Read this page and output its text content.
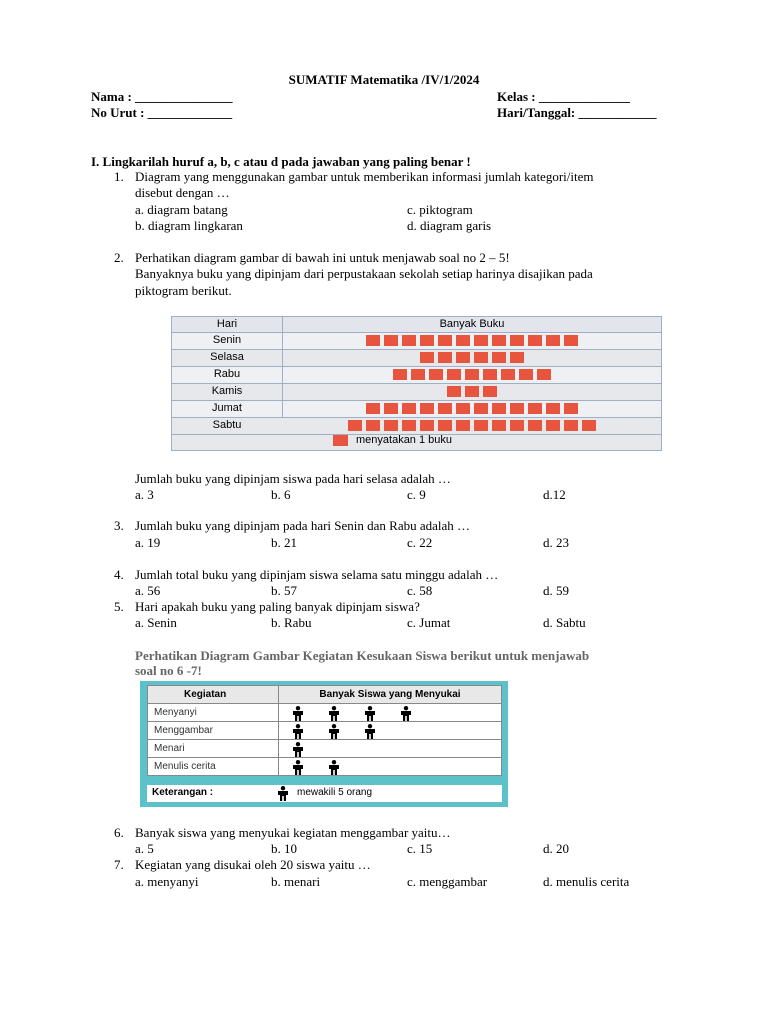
SUMATIF Matematika /IV/1/2024
Nama : _______________	Kelas : ______________
No Urut : _____________	Hari/Tanggal: ____________
I. Lingkarilah huruf a, b, c atau d pada jawaban yang paling benar !
1. Diagram yang menggunakan gambar untuk memberikan informasi jumlah kategori/item
disebut dengan …
a. diagram batang	c. piktogram
b. diagram lingkaran	d. diagram garis
2. Perhatikan diagram gambar di bawah ini untuk menjawab soal no 2 – 5!
Banyaknya buku yang dipinjam dari perpustakaan sekolah setiap harinya disajikan pada
piktogram berikut.
Hari	Banyak Buku
Senin
Selasa
Rabu
Kamis
Jumat
Sabtu
menyatakan 1 buku
Jumlah buku yang dipinjam siswa pada hari selasa adalah …
a. 3	b. 6	c. 9	d.12
3. Jumlah buku yang dipinjam pada hari Senin dan Rabu adalah …
a. 19	b. 21	c. 22	d. 23
4. Jumlah total buku yang dipinjam siswa selama satu minggu adalah …
a. 56	b. 57	c. 58	d. 59
5. Hari apakah buku yang paling banyak dipinjam siswa?
a. Senin	b. Rabu	c. Jumat	d. Sabtu
Perhatikan Diagram Gambar Kegiatan Kesukaan Siswa berikut untuk menjawab
soal no 6 -7!
Kegiatan	Banyak Siswa yang Menyukai
Menyanyi
Menggambar
Menari
Menulis cerita
Keterangan :	mewakili 5 orang
6. Banyak siswa yang menyukai kegiatan menggambar yaitu…
a. 5	b. 10	c. 15	d. 20
7. Kegiatan yang disukai oleh 20 siswa yaitu …
a. menyanyi	b. menari	c. menggambar	d. menulis cerita
